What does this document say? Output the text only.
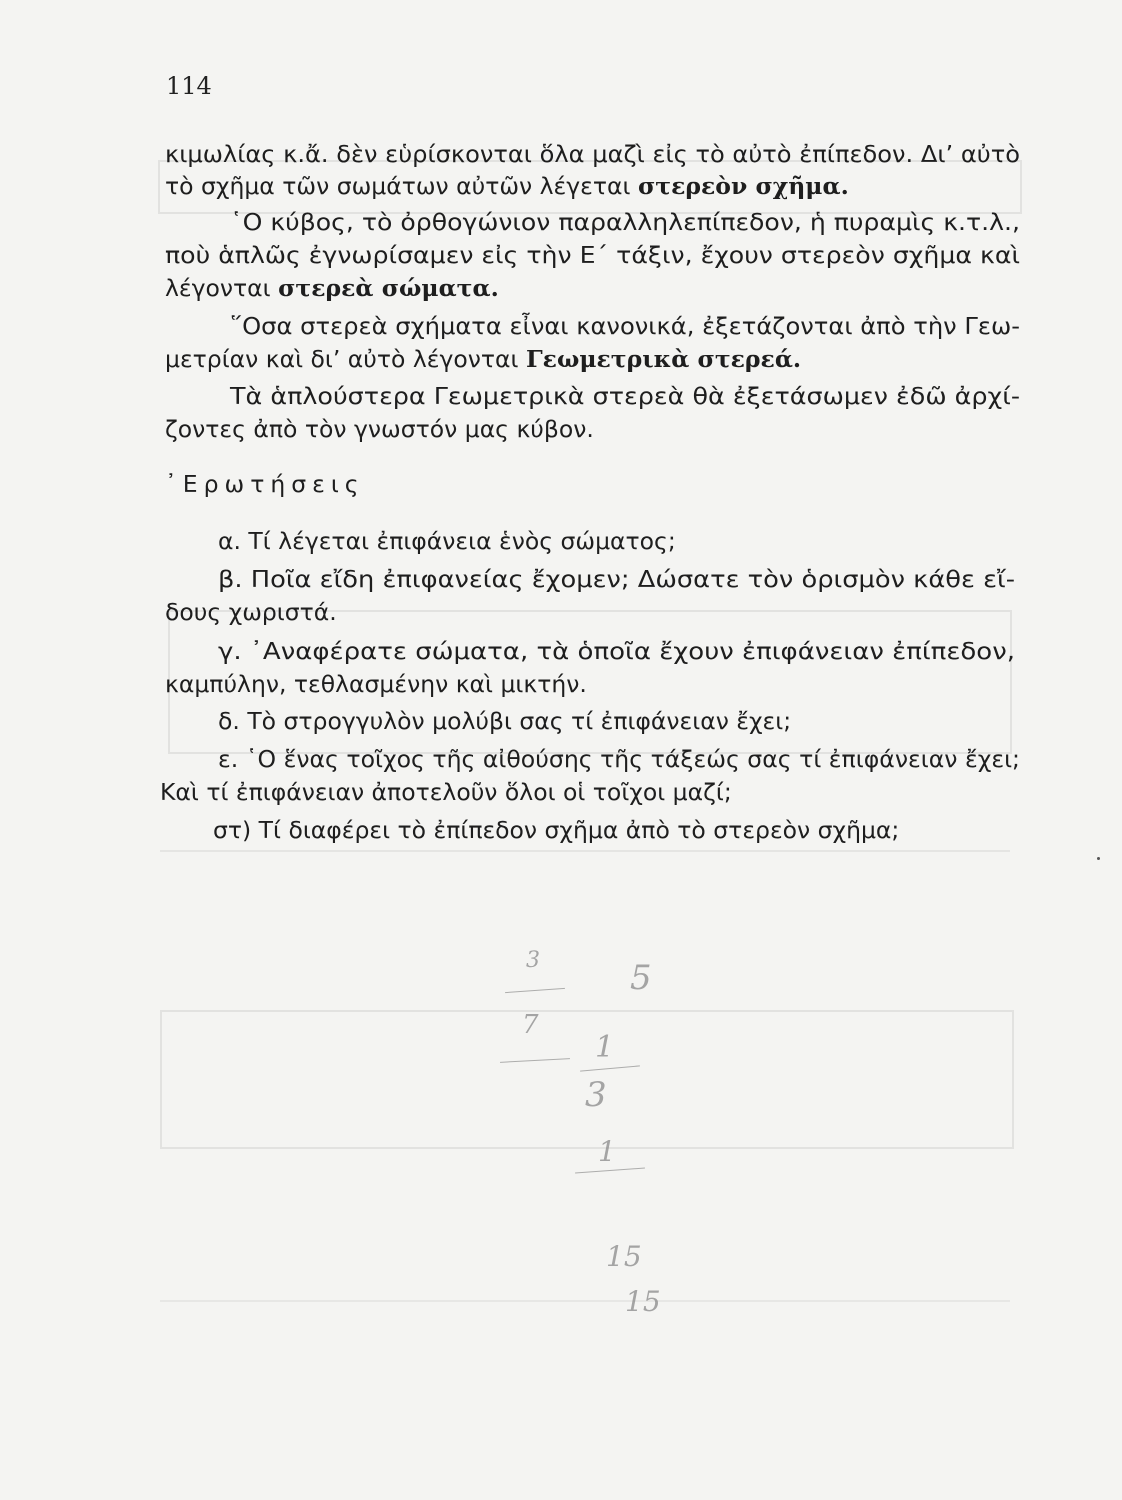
3	5
7
1
3
1
15
15
114
κιμωλίας κ.ἄ. δὲν εὑρίσκονται ὅλα μαζὶ εἰς τὸ αὐτὸ ἐπίπεδον. Δι’ αὐτὸ
τὸ σχῆμα τῶν σωμάτων αὐτῶν λέγεται στερεὸν σχῆμα.
῾Ο κύβος, τὸ ὀρθογώνιον παραλληλεπίπεδον, ἡ πυραμὶς κ.τ.λ.,
ποὺ ἁπλῶς ἐγνωρίσαμεν εἰς τὴν Ε΄ τάξιν, ἔχουν στερεὸν σχῆμα καὶ
λέγονται στερεὰ σώματα.
῞Οσα στερεὰ σχήματα εἶναι κανονικά, ἐξετάζονται ἀπὸ τὴν Γεω-
μετρίαν καὶ δι’ αὐτὸ λέγονται Γεωμετρικὰ στερεά.
Τὰ ἁπλούστερα Γεωμετρικὰ στερεὰ θὰ ἐξετάσωμεν ἐδῶ ἀρχί-
ζοντες ἀπὸ τὸν γνωστόν μας κύβον.
᾿Ερωτήσεις
α. Τί λέγεται ἐπιφάνεια ἑνὸς σώματος;
β. Ποῖα εἴδη ἐπιφανείας ἔχομεν; Δώσατε τὸν ὁρισμὸν κάθε εἴ-
δους χωριστά.
γ. ᾿Αναφέρατε σώματα, τὰ ὁποῖα ἔχουν ἐπιφάνειαν ἐπίπεδον,
καμπύλην, τεθλασμένην καὶ μικτήν.
δ. Τὸ στρογγυλὸν μολύβι σας τί ἐπιφάνειαν ἔχει;
ε. ῾Ο ἕνας τοῖχος τῆς αἰθούσης τῆς τάξεώς σας τί ἐπιφάνειαν ἔχει;
Καὶ τί ἐπιφάνειαν ἀποτελοῦν ὅλοι οἱ τοῖχοι μαζί;
στ) Τί διαφέρει τὸ ἐπίπεδον σχῆμα ἀπὸ τὸ στερεὸν σχῆμα;
